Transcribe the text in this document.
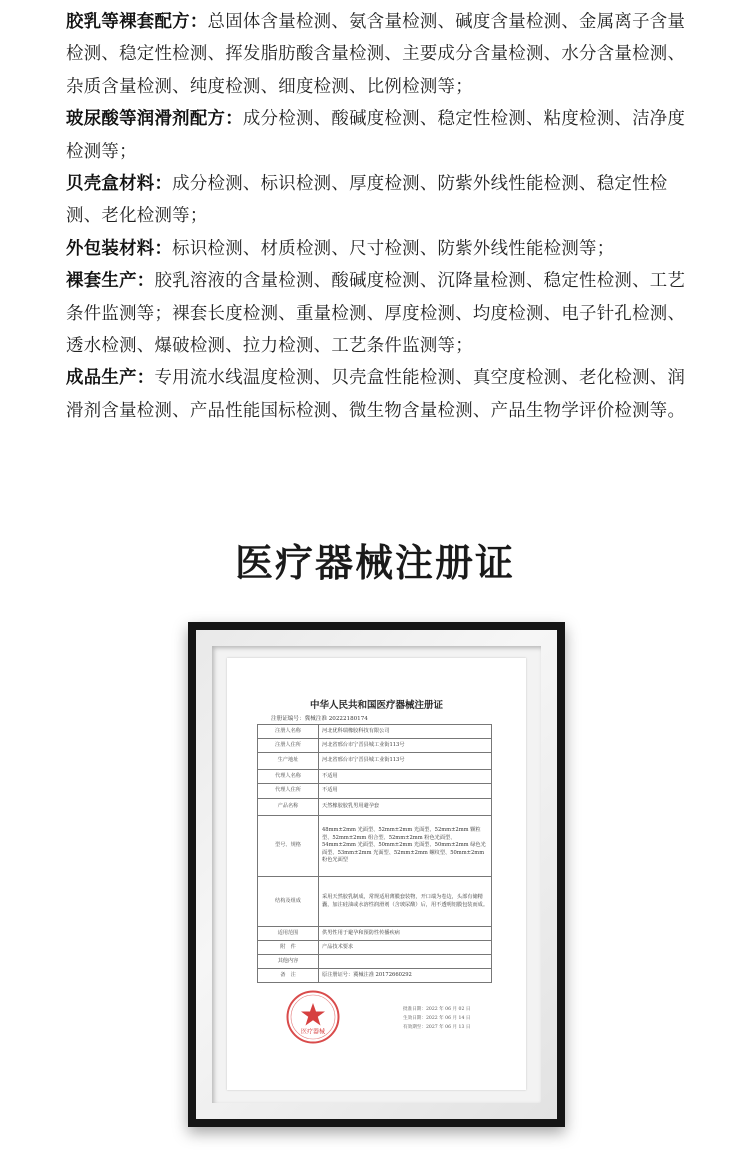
胶乳等裸套配方：总固体含量检测、氨含量检测、碱度含量检测、金属离子含量检测、稳定性检测、挥发脂肪酸含量检测、主要成分含量检测、水分含量检测、杂质含量检测、纯度检测、细度检测、比例检测等；

玻尿酸等润滑剂配方：成分检测、酸碱度检测、稳定性检测、粘度检测、洁净度检测等；

贝壳盒材料：成分检测、标识检测、厚度检测、防紫外线性能检测、稳定性检测、老化检测等；

外包装材料：标识检测、材质检测、尺寸检测、防紫外线性能检测等；

裸套生产：胶乳溶液的含量检测、酸碱度检测、沉降量检测、稳定性检测、工艺条件监测等；裸套长度检测、重量检测、厚度检测、均度检测、电子针孔检测、透水检测、爆破检测、拉力检测、工艺条件监测等；

成品生产：专用流水线温度检测、贝壳盒性能检测、真空度检测、老化检测、润滑剂含量检测、产品性能国标检测、微生物含量检测、产品生物学评价检测等。

医疗器械注册证
中华人民共和国医疗器械注册证
注册证编号：冀械注准 20222180174
注册人名称	河北优科瑞橡胶科技有限公司
注册人住所	河北省邢台市宁晋县城工业街113号
生产地址	河北省邢台市宁晋县城工业街113号
代理人名称	不适用
代理人住所	不适用
产品名称	天然橡胶胶乳男用避孕套
型号、规格	48mm±2mm 光面型、52mm±2mm 光面型、52mm±2mm 颗粒型、52mm±2mm 组合型、52mm±2mm 粉色光面型、54mm±2mm 光面型、50mm±2mm 光面型、50mm±2mm 绿色光面型、53mm±2mm 光面型、52mm±2mm 螺纹型、50mm±2mm 粉色光面型
结构及组成	采用天然胶乳制成，常规适用薄膜套装物，开口端为卷边，头部有储精囊，加注硅油或水溶性润滑剂（含玻尿酸）后，用不透明铝膜包装而成。
适用范围	供男性用于避孕和预防性传播疾病
附　件	产品技术要求
其他内容	
备　注	原注册证号：冀械注准 20172660292
批准日期：2022 年 06 月 02 日
生效日期：2022 年 06 月 14 日
有效期至：2027 年 06 月 13 日
医疗器械
